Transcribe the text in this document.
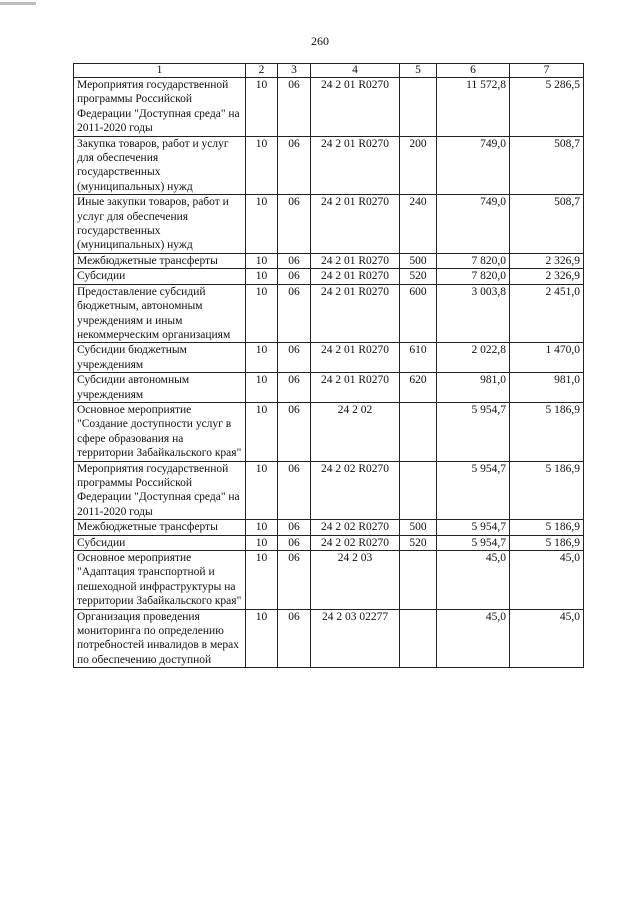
260
1	2	3	4	5	6	7
Мероприятия государственной программы Российской Федерации "Доступная среда" на 2011-2020 годы	10	06	24 2 01 R0270		11 572,8	5 286,5
Закупка товаров, работ и услуг для обеспечения государственных (муниципальных) нужд	10	06	24 2 01 R0270	200	749,0	508,7
Иные закупки товаров, работ и услуг для обеспечения государственных (муниципальных) нужд	10	06	24 2 01 R0270	240	749,0	508,7
Межбюджетные трансферты	10	06	24 2 01 R0270	500	7 820,0	2 326,9
Субсидии	10	06	24 2 01 R0270	520	7 820,0	2 326,9
Предоставление субсидий бюджетным, автономным учреждениям и иным некоммерческим организациям	10	06	24 2 01 R0270	600	3 003,8	2 451,0
Субсидии бюджетным учреждениям	10	06	24 2 01 R0270	610	2 022,8	1 470,0
Субсидии автономным учреждениям	10	06	24 2 01 R0270	620	981,0	981,0
Основное мероприятие "Создание доступности услуг в сфере образования на территории Забайкальского края"	10	06	24 2 02		5 954,7	5 186,9
Мероприятия государственной программы Российской Федерации "Доступная среда" на 2011-2020 годы	10	06	24 2 02 R0270		5 954,7	5 186,9
Межбюджетные трансферты	10	06	24 2 02 R0270	500	5 954,7	5 186,9
Субсидии	10	06	24 2 02 R0270	520	5 954,7	5 186,9
Основное мероприятие "Адаптация транспортной и пешеходной инфраструктуры на территории Забайкальского края"	10	06	24 2 03		45,0	45,0
Организация проведения мониторинга по определению потребностей инвалидов в мерах по обеспечению доступной	10	06	24 2 03 02277		45,0	45,0
